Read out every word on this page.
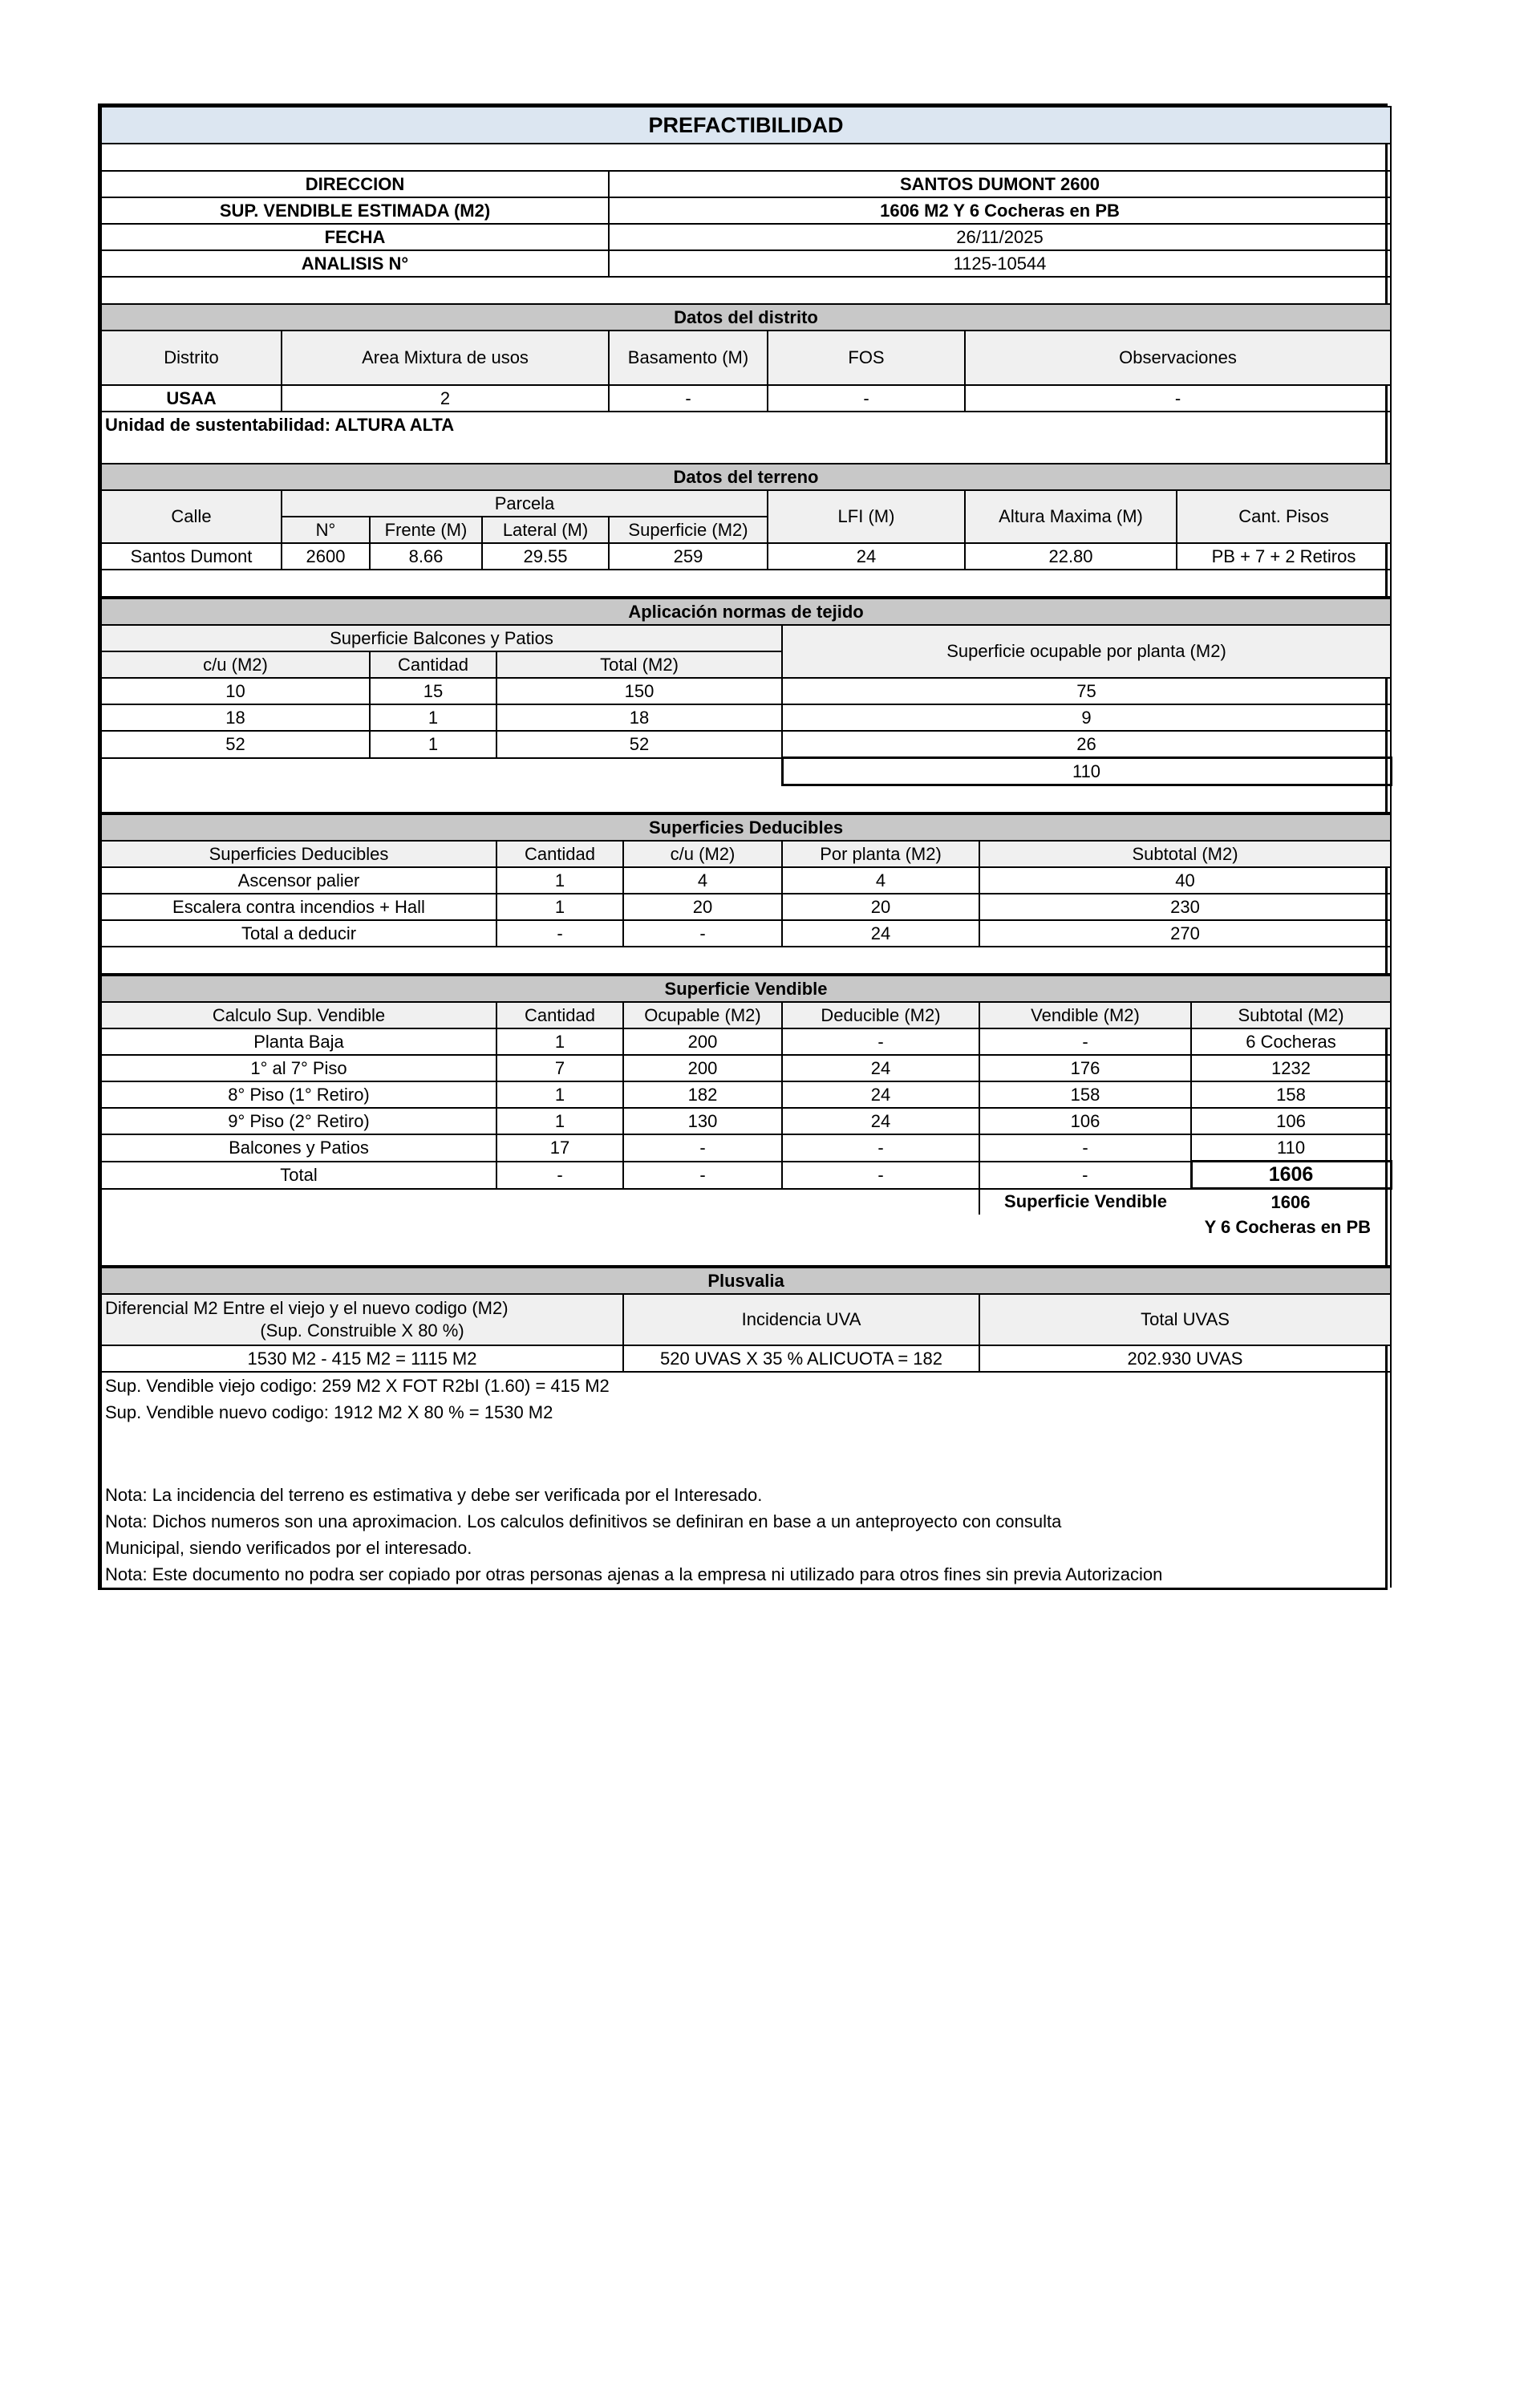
PREFACTIBILIDAD							

DIRECCION				SANTOS DUMONT 2600			
SUP. VENDIBLE ESTIMADA (M2)				1606 M2 Y 6 Cocheras en PB			
FECHA				26/11/2025			
ANALISIS N°				1125-10544			

Datos del distrito							
Distrito	Area Mixtura de usos			Basamento (M)	FOS	Observaciones	
USAA	2			-	-	-	
Unidad de sustentabilidad: ALTURA ALTA							

Datos del terreno							
Calle	Parcela				LFI (M)	Altura Maxima (M)	Cant. Pisos
	N°	Frente (M)	Lateral (M)	Superficie (M2)			
Santos Dumont	2600	8.66	29.55	259	24	22.80	PB + 7 + 2 Retiros

Aplicación normas de tejido			
Superficie Balcones y Patios			Superficie ocupable por planta (M2)
c/u (M2)	Cantidad	Total (M2)	
10	15	150	75
18	1	18	9
52	1	52	26
			110

Superficies Deducibles				
Superficies Deducibles	Cantidad	c/u (M2)	Por planta (M2)	Subtotal (M2)
Ascensor palier	1	4	4	40
Escalera contra incendios + Hall	1	20	20	230
Total a deducir	-	-	24	270

Superficie Vendible					
Calculo Sup. Vendible	Cantidad	Ocupable (M2)	Deducible (M2)	Vendible (M2)	Subtotal (M2)
Planta Baja	1	200	-	-	6 Cocheras
1° al 7° Piso	7	200	24	176	1232
8° Piso (1° Retiro)	1	182	24	158	158
9° Piso (2° Retiro)	1	130	24	106	106
Balcones y Patios	17	-	-	-	110
Total	-	-	-	-	1606
				Superficie Vendible	1606
					Y 6 Cocheras en PB

Plusvalia		

Diferencial M2 Entre el viejo y el nuevo codigo (M2)
(Sup. Construible X 80 %)	Incidencia UVA	Total UVAS
1530 M2 - 415 M2 = 1115 M2	520 UVAS X 35 % ALICUOTA = 182	202.930 UVAS
Sup. Vendible viejo codigo: 259 M2 X FOT R2bI (1.60) = 415 M2		
Sup. Vendible nuevo codigo: 1912 M2 X 80 % = 1530 M2		

Nota: La incidencia del terreno es estimativa y debe ser verificada por el Interesado.		
Nota: Dichos numeros son una aproximacion. Los calculos definitivos se definiran en base a un anteproyecto con consulta		
Municipal, siendo verificados por el interesado.		
Nota: Este documento no podra ser copiado por otras personas ajenas a la empresa ni utilizado para otros fines sin previa Autorizacion		
